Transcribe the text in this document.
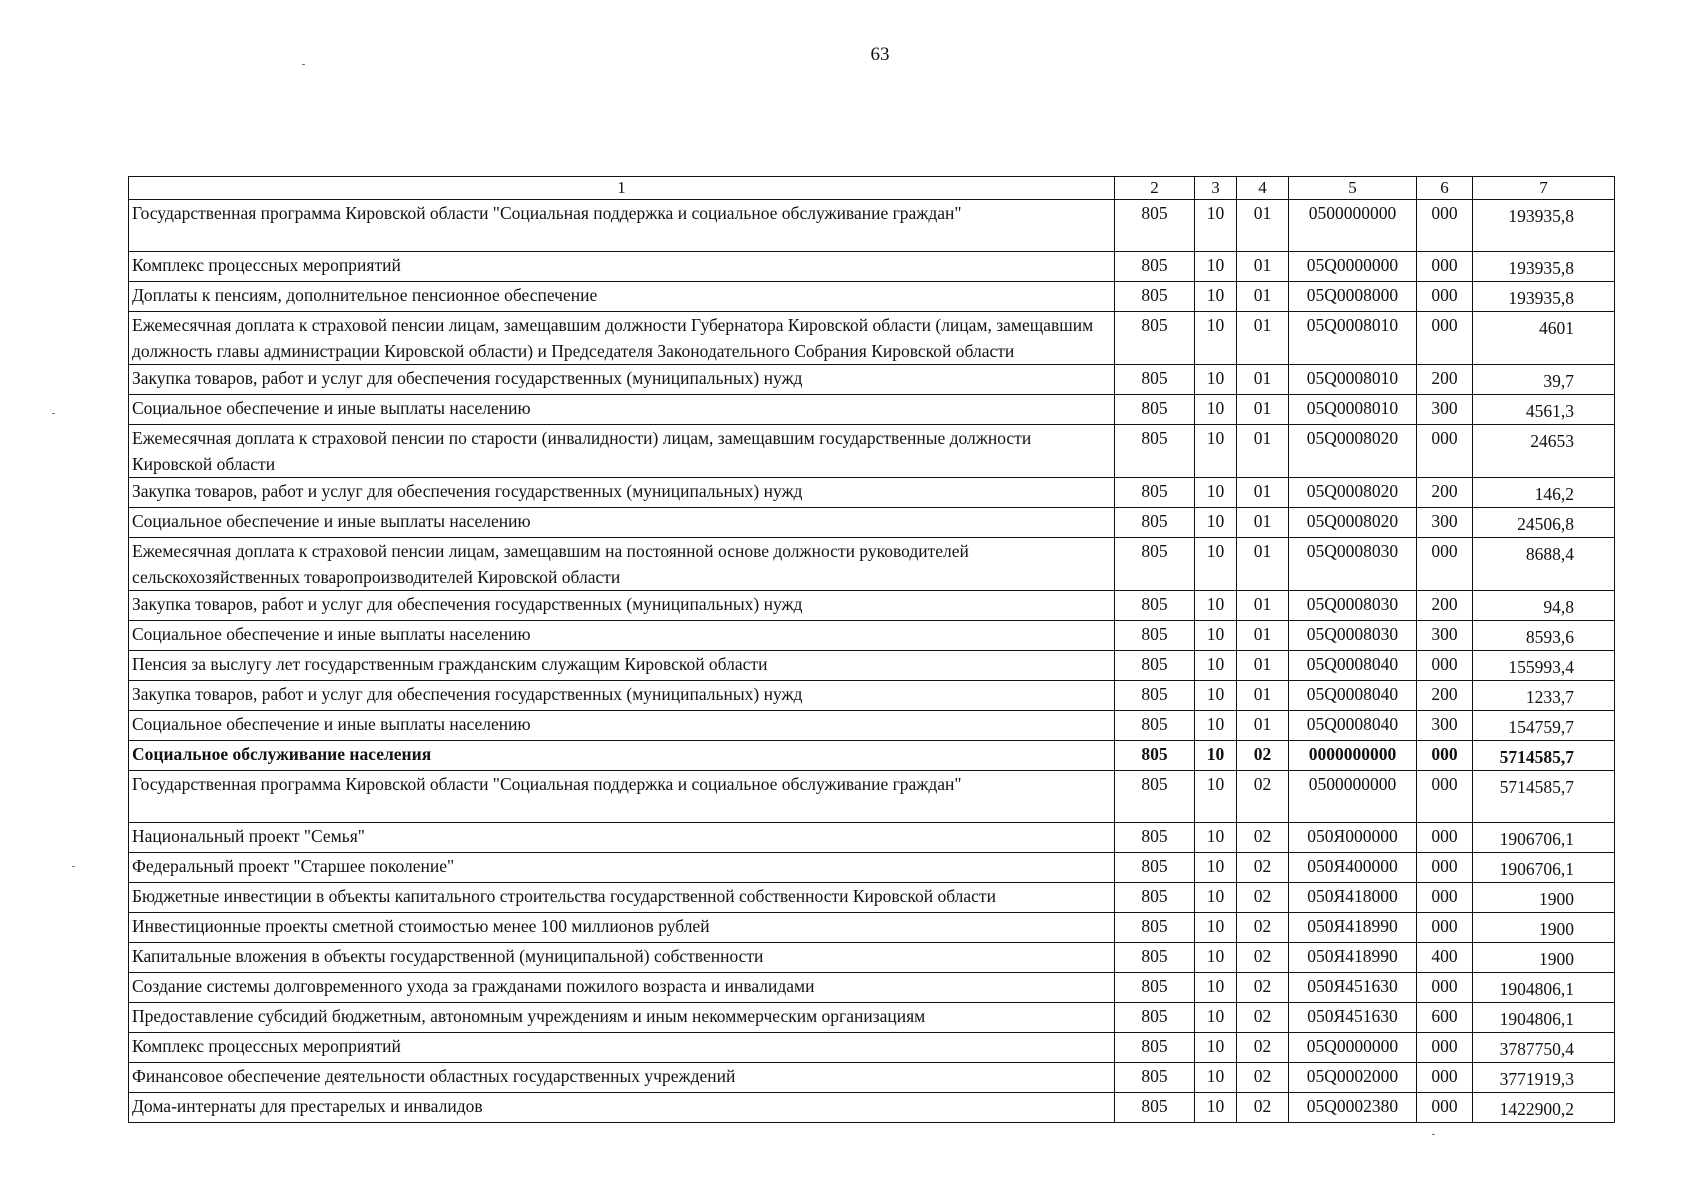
63
1	2	3	4	5	6	7
Государственная программа Кировской области "Социальная поддержка и социальное обслуживание граждан"	805	10	01	0500000000	000	193935,8
Комплекс процессных мероприятий	805	10	01	05Q0000000	000	193935,8
Доплаты к пенсиям, дополнительное пенсионное обеспечение	805	10	01	05Q0008000	000	193935,8
Ежемесячная доплата к страховой пенсии лицам, замещавшим должности Губернатора Кировской области (лицам, замещавшим должность главы администрации Кировской области) и Председателя Законодательного Собрания Кировской области	805	10	01	05Q0008010	000	4601
Закупка товаров, работ и услуг для обеспечения государственных (муниципальных) нужд	805	10	01	05Q0008010	200	39,7
Социальное обеспечение и иные выплаты населению	805	10	01	05Q0008010	300	4561,3
Ежемесячная доплата к страховой пенсии по старости (инвалидности) лицам, замещавшим государственные должности Кировской области	805	10	01	05Q0008020	000	24653
Закупка товаров, работ и услуг для обеспечения государственных (муниципальных) нужд	805	10	01	05Q0008020	200	146,2
Социальное обеспечение и иные выплаты населению	805	10	01	05Q0008020	300	24506,8
Ежемесячная доплата к страховой пенсии лицам, замещавшим на постоянной основе должности руководителей сельскохозяйственных товаропроизводителей Кировской области	805	10	01	05Q0008030	000	8688,4
Закупка товаров, работ и услуг для обеспечения государственных (муниципальных) нужд	805	10	01	05Q0008030	200	94,8
Социальное обеспечение и иные выплаты населению	805	10	01	05Q0008030	300	8593,6
Пенсия за выслугу лет государственным гражданским служащим Кировской области	805	10	01	05Q0008040	000	155993,4
Закупка товаров, работ и услуг для обеспечения государственных (муниципальных) нужд	805	10	01	05Q0008040	200	1233,7
Социальное обеспечение и иные выплаты населению	805	10	01	05Q0008040	300	154759,7
Социальное обслуживание населения	805	10	02	0000000000	000	5714585,7
Государственная программа Кировской области "Социальная поддержка и социальное обслуживание граждан"	805	10	02	0500000000	000	5714585,7
Национальный проект "Семья"	805	10	02	050Я000000	000	1906706,1
Федеральный проект "Старшее поколение"	805	10	02	050Я400000	000	1906706,1
Бюджетные инвестиции в объекты капитального строительства государственной собственности Кировской области	805	10	02	050Я418000	000	1900
Инвестиционные проекты сметной стоимостью менее 100 миллионов рублей	805	10	02	050Я418990	000	1900
Капитальные вложения в объекты государственной (муниципальной) собственности	805	10	02	050Я418990	400	1900
Создание системы долговременного ухода за гражданами пожилого возраста и инвалидами	805	10	02	050Я451630	000	1904806,1
Предоставление субсидий бюджетным, автономным учреждениям и иным некоммерческим организациям	805	10	02	050Я451630	600	1904806,1
Комплекс процессных мероприятий	805	10	02	05Q0000000	000	3787750,4
Финансовое обеспечение деятельности областных государственных учреждений	805	10	02	05Q0002000	000	3771919,3
Дома-интернаты для престарелых и инвалидов	805	10	02	05Q0002380	000	1422900,2
